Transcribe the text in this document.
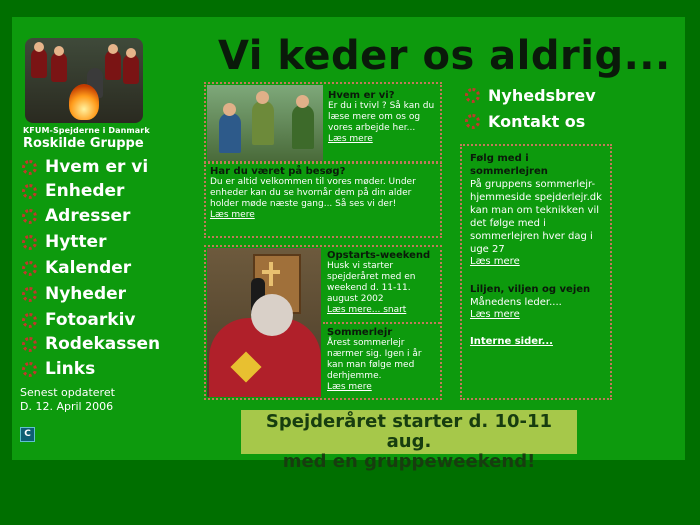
KFUM-Spejderne i Danmark
Roskilde Gruppe
Vi keder os aldrig...
Hvem er vi
Enheder
Adresser
Hytter
Kalender
Nyheder
Fotoarkiv
Rodekassen
Links
Senest opdateret
D. 12. April 2006
C
Hvem er vi?
Er du i tvivl ? Så kan du læse mere om os og vores arbejde her...
Læs mere
Har du været på besøg?
Du er altid velkommen til vores møder. Under enheder kan du se hvornår dem på din alder holder møde næste gang... Så ses vi der!
Læs mere
Opstarts-weekend
Husk vi starter spejderåret med en weekend d. 11-11. august 2002
Læs mere... snart
Sommerlejr
Årest sommerlejr nærmer sig. Igen i år kan man følge med derhjemme.
Læs mere
Nyhedsbrev
Kontakt os
Følg med i sommerlejren
På gruppens sommerlejr-hjemmeside spejderlejr.dk kan man om teknikken vil det følge med i sommerlejren hver dag i uge 27
Læs mere
Liljen, viljen og vejen
Månedens leder....
Læs mere
Interne sider...
Spejderåret starter d. 10-11 aug.
med en gruppeweekend!
